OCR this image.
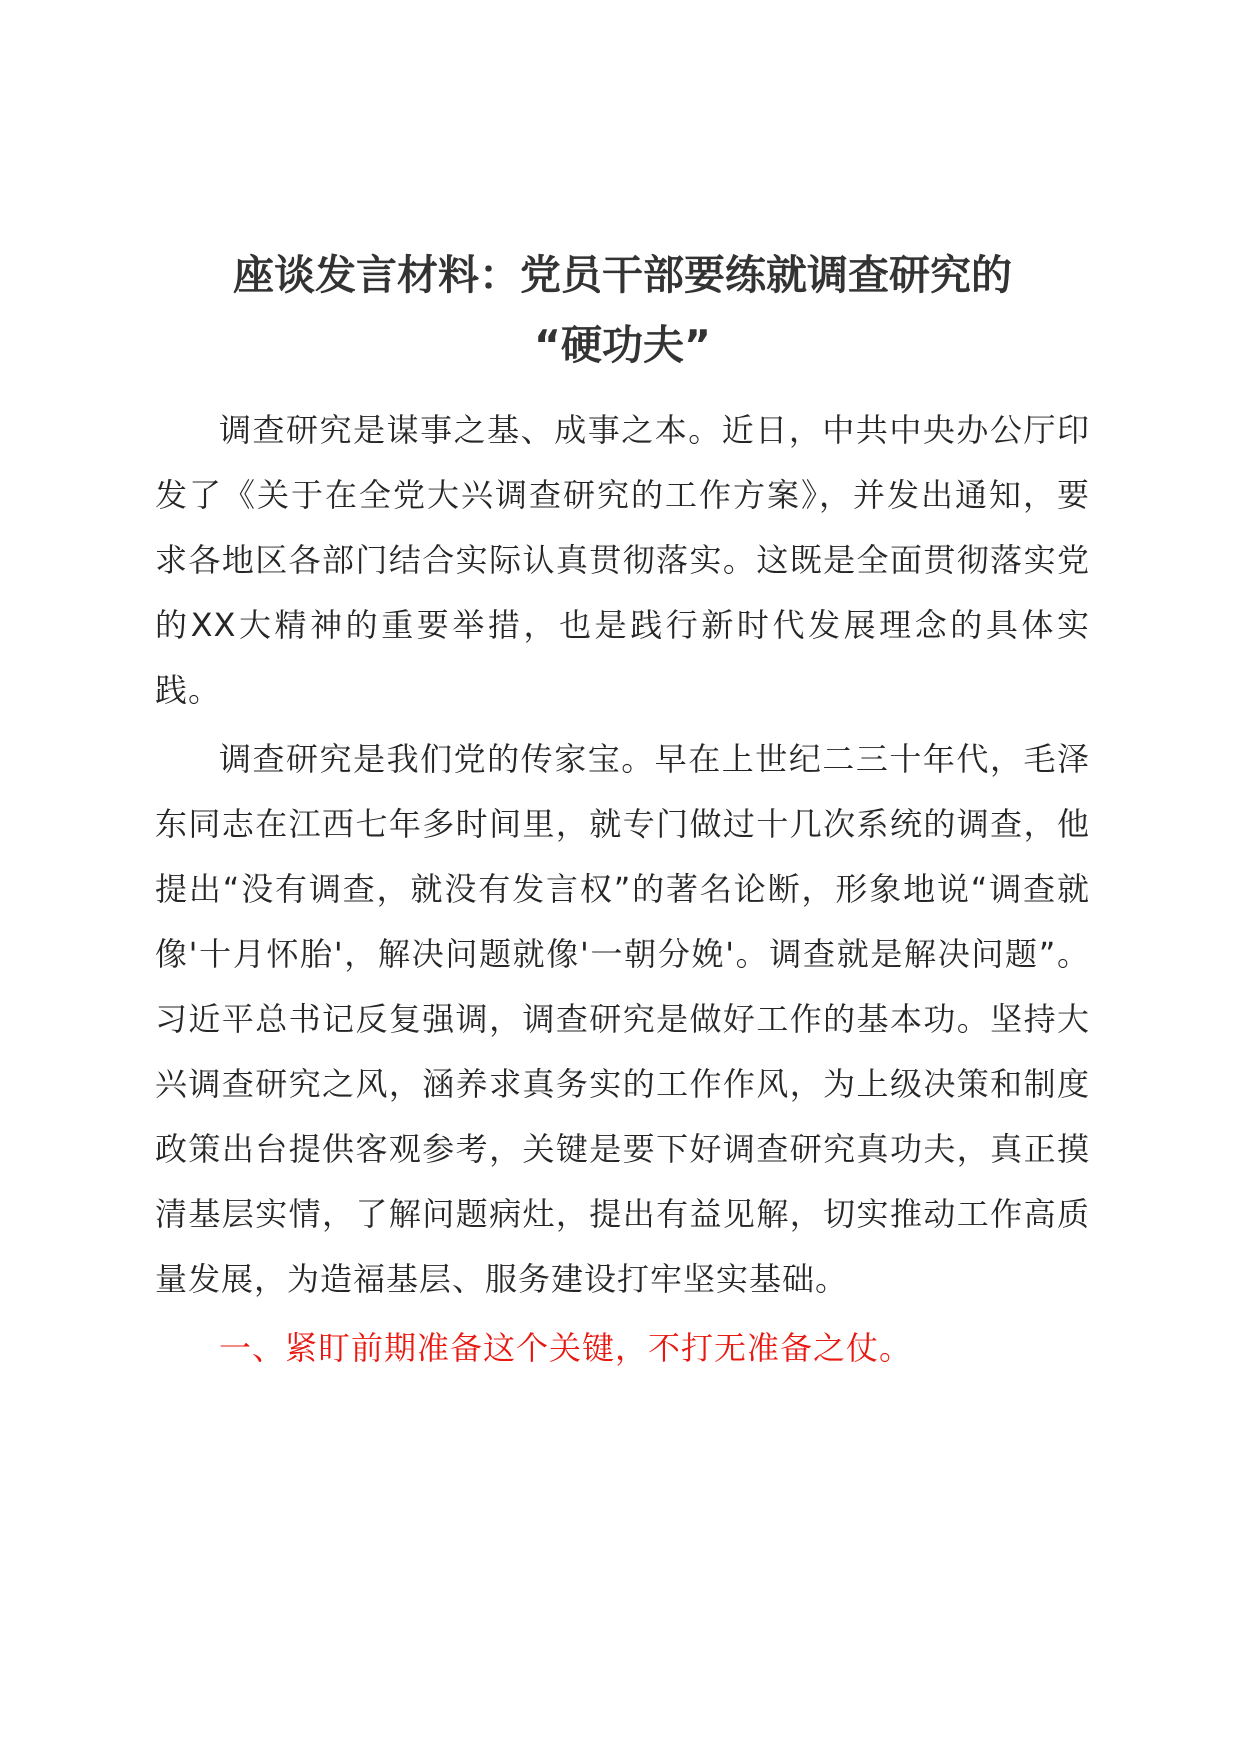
座谈发言材料：党员干部要练就调查研究的
“硬功夫”

调查研究是谋事之基、成事之本。近日，中共中央办公厅印发了《关于在全党大兴调查研究的工作方案》，并发出通知，要求各地区各部门结合实际认真贯彻落实。这既是全面贯彻落实党的XX大精神的重要举措，也是践行新时代发展理念的具体实践。

调查研究是我们党的传家宝。早在上世纪二三十年代，毛泽东同志在江西七年多时间里，就专门做过十几次系统的调查，他提出“没有调查，就没有发言权”的著名论断，形象地说“调查就像'十月怀胎'，解决问题就像'一朝分娩'。调查就是解决问题”。习近平总书记反复强调，调查研究是做好工作的基本功。坚持大兴调查研究之风，涵养求真务实的工作作风，为上级决策和制度政策出台提供客观参考，关键是要下好调查研究真功夫，真正摸清基层实情，了解问题病灶，提出有益见解，切实推动工作高质量发展，为造福基层、服务建设打牢坚实基础。

一、紧盯前期准备这个关键，不打无准备之仗。
